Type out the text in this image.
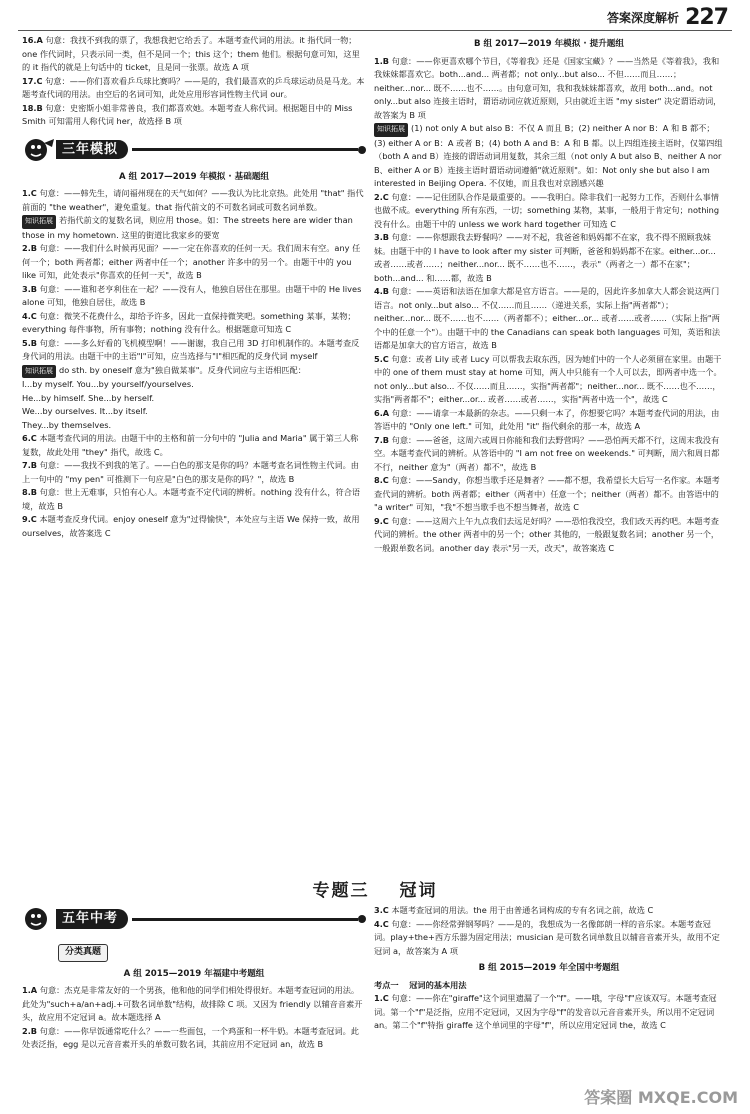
答案深度解析 227

16.A 句意：我找不到我的票了，我想我把它给丢了。本题考查代词的用法。it 指代同一物；one 作代词时，只表示同一类，但不是同一个；this 这个；them 他们。根据句意可知，这里的 it 指代的就是上句话中的 ticket，且是同一张票。故选 A 项

17.C 句意：——你们喜欢看乒乓球比赛吗？——是的，我们最喜欢的乒乓球运动员是马龙。本题考查代词的用法。由空后的名词可知，此处应用形容词性物主代词 our。

18.B 句意：史密斯小姐非常善良，我们都喜欢她。本题考查人称代词。根据题目中的 Miss Smith 可知需用人称代词 her，故选择 B 项

三年模拟
A 组 2017—2019 年模拟 · 基础题组

1.C 句意：——韩先生，请问福州现在的天气如何？——我认为比北京热。此处用 "that" 指代前面的 "the weather"，避免重复。that 指代前文的不可数名词或可数名词单数。

知识拓展 若指代前文的复数名词，则应用 those。如：The streets here are wider than those in my hometown. 这里的街道比我家乡的要宽

2.B 句意：——我们什么时候再见面？——一定在你喜欢的任何一天。我们周末有空。any 任何一个；both 两者都；either 两者中任一个；another 许多中的另一个。由题干中的 you like 可知，此处表示"你喜欢的任何一天"，故选 B

3.B 句意：——谁和老亨利住在一起？——没有人，他独自居住在那里。由题干中的 He lives alone 可知，他独自居住，故选 B

4.C 句意：微笑不花费什么，却给予许多，因此一直保持微笑吧。something 某事，某物；everything 每件事物，所有事物；nothing 没有什么。根据题意可知选 C

5.B 句意：——多么好看的飞机模型啊！——谢谢，我自己用 3D 打印机制作的。本题考查反身代词的用法。由题干中的主语"I"可知，应当选择与"I"相匹配的反身代词 myself

知识拓展 do sth. by oneself 意为"独自做某事"。反身代词应与主语相匹配：

I...by myself. You...by yourself/yourselves.

He...by himself. She...by herself.

We...by ourselves. It...by itself.

They...by themselves.

6.C 本题考查代词的用法。由题干中的主格和前一分句中的 "Julia and Maria" 属于第三人称复数，故此处用 "they" 指代，故选 C。

7.B 句意：——我找不到我的笔了。——白色的那支是你的吗？本题考查名词性物主代词。由上一句中的 "my pen" 可推测下一句应是"白色的那支是你的吗？"，故选 B

8.B 句意：世上无难事，只怕有心人。本题考查不定代词的辨析。nothing 没有什么，符合语境，故选 B

9.C 本题考查反身代词。enjoy oneself 意为"过得愉快"，本处应与主语 We 保持一致，故用 ourselves，故答案选 C

B 组 2017—2019 年模拟 · 提升题组

1.B 句意：——你更喜欢哪个节目，《等着我》还是《国家宝藏》？——当然是《等着我》，我和我妹妹都喜欢它。both...and... 两者都；not only...but also... 不但……而且……；neither...nor... 既不……也不……。由句意可知，我和我妹妹都喜欢，故用 both...and。not only...but also 连接主语时，谓语动词应就近原则，只由就近主语 "my sister" 决定谓语动词，故答案为 B 项

知识拓展 (1) not only A but also B：不仅 A 而且 B；(2) neither A nor B：A 和 B 都不；(3) either A or B：A 或者 B；(4) both A and B：A 和 B 都。以上四组连接主语时，仅第四组（both A and B）连接的谓语动词用复数，其余三组（not only A but also B、neither A nor B、either A or B）连接主语时谓语动词遵循"就近原则"。如：Not only she but also I am interested in Beijing Opera. 不仅她，而且我也对京剧感兴趣

2.C 句意：——记住团队合作是最重要的。——我明白。除非我们一起努力工作，否则什么事情也做不成。everything 所有东西，一切；something 某物，某事，一般用于肯定句；nothing 没有什么。由题干中的 unless we work hard together 可知选 C

3.B 句意：——你想跟我去野餐吗？——对不起，我爸爸和妈妈都不在家，我不得不照顾我妹妹。由题干中的 I have to look after my sister 可判断，爸爸和妈妈都不在家。either...or... 或者……或者……；neither...nor... 既不……也不……，表示"（两者之一）都不在家"；both...and... 和……都，故选 B

4.B 句意：——英语和法语在加拿大都是官方语言。——是的，因此许多加拿大人都会说这两门语言。not only...but also... 不仅……而且……（递进关系，实际上指"两者都"）；neither...nor... 既不……也不……（两者都不）；either...or... 或者……或者……（实际上指"两个中的任意一个"）。由题干中的 the Canadians can speak both languages 可知，英语和法语都是加拿大的官方语言，故选 B

5.C 句意：或者 Lily 或者 Lucy 可以帮我去取东西，因为她们中的一个人必须留在家里。由题干中的 one of them must stay at home 可知，两人中只能有一个人可以去，即两者中选一个。not only...but also... 不仅……而且……，实指"两者都"；neither...nor... 既不……也不……，实指"两者都不"；either...or... 或者……或者……，实指"两者中选一个"，故选 C

6.A 句意：——请拿一本最新的杂志。——只剩一本了，你想要它吗？本题考查代词的用法，由答语中的 "Only one left." 可知，此处用 "it" 指代剩余的那一本，故选 A

7.B 句意：——爸爸，这周六或周日你能和我们去野营吗？——恐怕两天都不行，这周末我没有空。本题考查代词的辨析。从答语中的 "I am not free on weekends." 可判断，周六和周日都不行，neither 意为"（两者）都不"，故选 B

8.C 句意：——Sandy，你想当歌手还是舞者？——都不想，我希望长大后写一名作家。本题考查代词的辨析。both 两者都；either（两者中）任意一个；neither（两者）都不。由答语中的 "a writer" 可知，"我"不想当歌手也不想当舞者，故选 C

9.C 句意：——这周六上午九点我们去远足好吗？——恐怕我没空，我们改天再约吧。本题考查代词的辨析。the other 两者中的另一个；other 其他的，一般跟复数名词；another 另一个，一般跟单数名词。another day 表示"另一天，改天"，故答案选 C

专题三 冠词
五年中考
分类真题
A 组 2015—2019 年福建中考题组

1.A 句意：杰克是非常友好的一个男孩，他和他的同学们相处得很好。本题考查冠词的用法。此处为"such+a/an+adj.+可数名词单数"结构，故排除 C 项。又因为 friendly 以辅音音素开头，故应用不定冠词 a。故本题选择 A

2.B 句意：——你早饭通常吃什么？——一些面包，一个鸡蛋和一杯牛奶。本题考查冠词。此处表泛指，egg 是以元音音素开头的单数可数名词，其前应用不定冠词 an，故选 B

3.C 本题考查冠词的用法。the 用于由普通名词构成的专有名词之前，故选 C

4.C 句意：——你经常弹钢琴吗？——是的，我想成为一名像郎朗一样的音乐家。本题考查冠词。play+the+西方乐器为固定用法；musician 是可数名词单数且以辅音音素开头，故用不定冠词 a，故答案为 A 项

B 组 2015—2019 年全国中考题组

考点一 冠词的基本用法

1.C 句意：——你在"giraffe"这个词里遗漏了一个"f"。——哦，字母"f"应该双写。本题考查冠词。第一个"f"是泛指，应用不定冠词，又因为字母"f"的发音以元音音素开头，所以用不定冠词 an。第二个"f"特指 giraffe 这个单词里的字母"f"，所以应用定冠词 the，故选 C

答案圈 MXQE.COM
